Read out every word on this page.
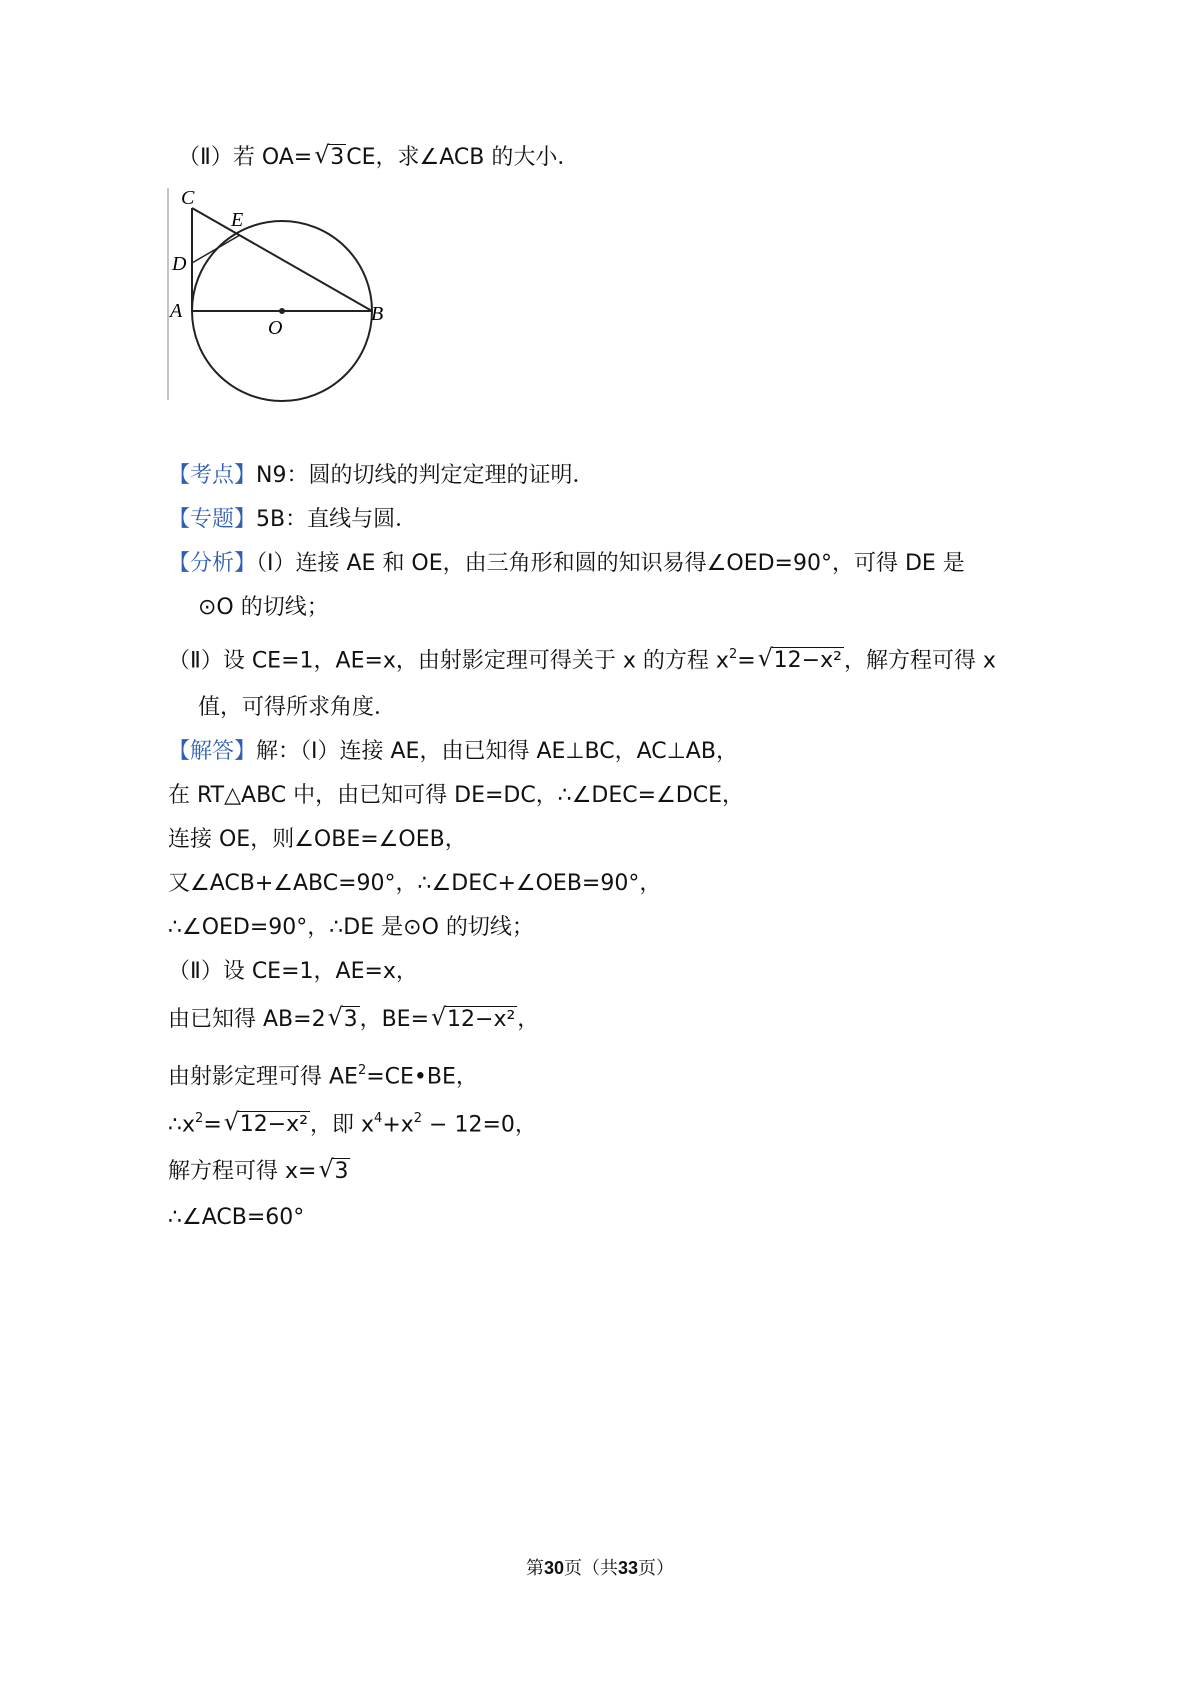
（Ⅱ）若 OA=√ 3CE，求∠ACB 的大小．
C
E
D
A
O
B
【考点】N9：圆的切线的判定定理的证明．
【专题】5B：直线与圆．
【分析】（Ⅰ）连接 AE 和 OE，由三角形和圆的知识易得∠OED=90°，可得 DE 是
⊙O 的切线；
（Ⅱ）设 CE=1，AE=x，由射影定理可得关于 x 的方程 $x^2=√$ 12−x²，解方程可得 x
值，可得所求角度．
【解答】解：（Ⅰ）连接 AE，由已知得 AE⊥BC，AC⊥AB，
在 RT△ABC 中，由已知可得 DE=DC，∴∠DEC=∠DCE，
连接 OE，则∠OBE=∠OEB，
又∠ACB+∠ABC=90°，∴∠DEC+∠OEB=90°，
∴∠OED=90°，∴DE 是⊙O 的切线；
（Ⅱ）设 CE=1，AE=x，
由已知得 AB=2√ 3，BE=√ 12−x²，
由射影定理可得 $AE^2=CE•BE$，
$\therefore x^2=√$ 12−x²，即 $x^4+x^2 - 12=0$，
解方程可得 x=√ 3
∴∠ACB=60°
第30页（共33页）
